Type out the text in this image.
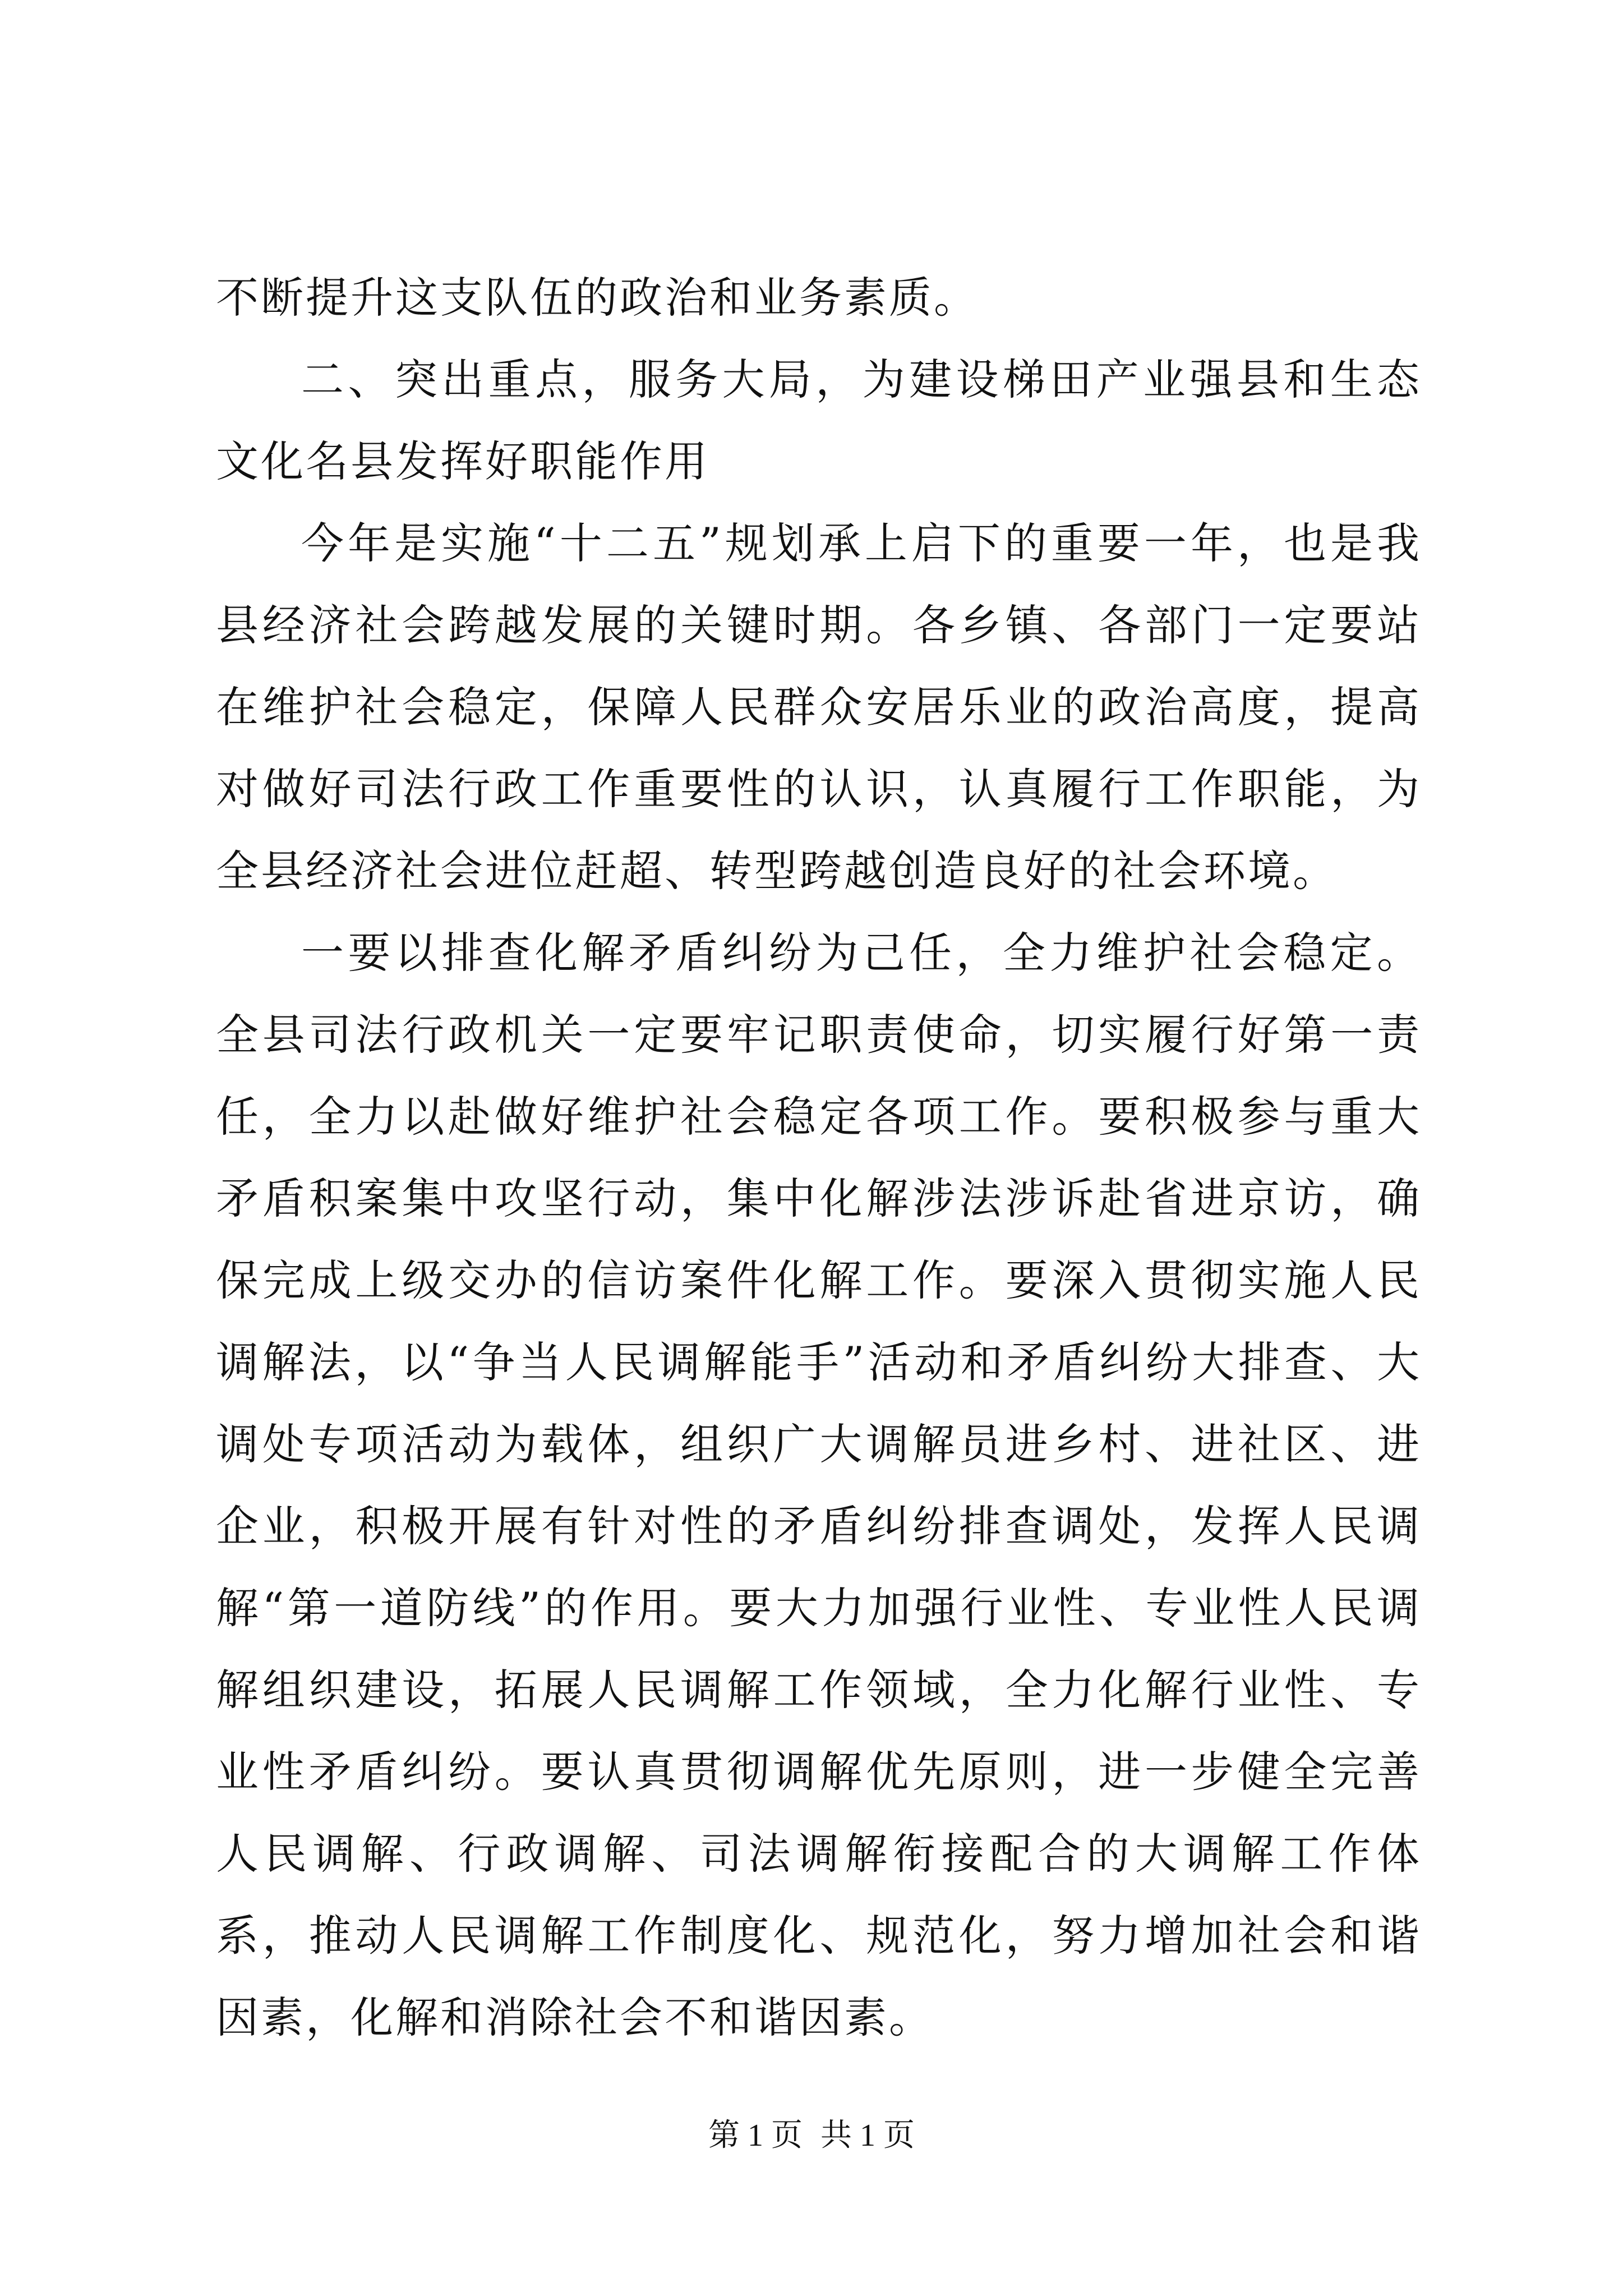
不断提升这支队伍的政治和业务素质。

二、突出重点，服务大局，为建设梯田产业强县和生态文化名县发挥好职能作用

今年是实施“十二五”规划承上启下的重要一年，也是我县经济社会跨越发展的关键时期。各乡镇、各部门一定要站在维护社会稳定，保障人民群众安居乐业的政治高度，提高对做好司法行政工作重要性的认识，认真履行工作职能，为全县经济社会进位赶超、转型跨越创造良好的社会环境。

一要以排查化解矛盾纠纷为己任，全力维护社会稳定。全县司法行政机关一定要牢记职责使命，切实履行好第一责任，全力以赴做好维护社会稳定各项工作。要积极参与重大矛盾积案集中攻坚行动，集中化解涉法涉诉赴省进京访，确保完成上级交办的信访案件化解工作。要深入贯彻实施人民调解法，以“争当人民调解能手”活动和矛盾纠纷大排查、大调处专项活动为载体，组织广大调解员进乡村、进社区、进企业，积极开展有针对性的矛盾纠纷排查调处，发挥人民调解“第一道防线”的作用。要大力加强行业性、专业性人民调解组织建设，拓展人民调解工作领域，全力化解行业性、专业性矛盾纠纷。要认真贯彻调解优先原则，进一步健全完善人民调解、行政调解、司法调解衔接配合的大调解工作体系，推动人民调解工作制度化、规范化，努力增加社会和谐因素，化解和消除社会不和谐因素。

第 1 页 共 1 页
